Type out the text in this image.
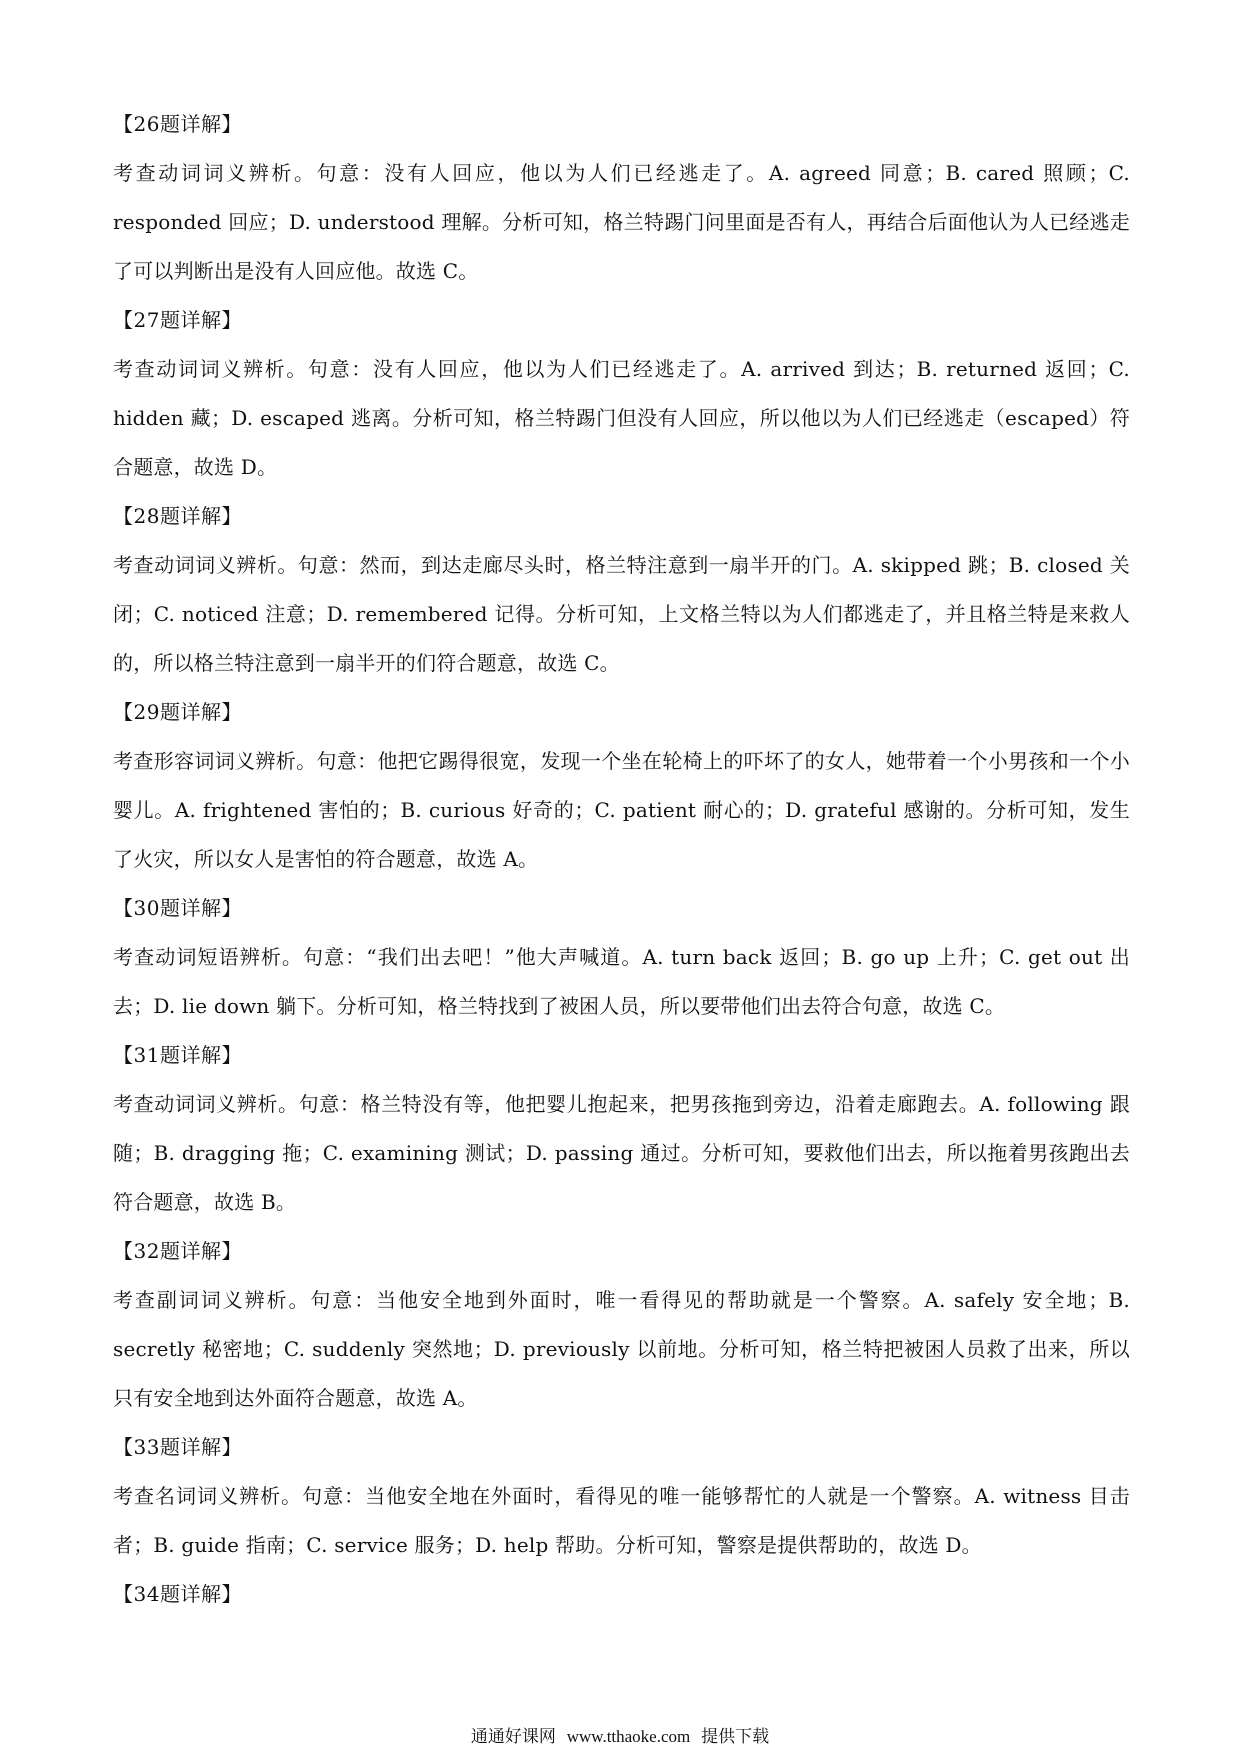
【26题详解】

考查动词词义辨析。句意：没有人回应，他以为人们已经逃走了。A. agreed 同意；B. cared 照顾；C. responded 回应；D. understood 理解。分析可知，格兰特踢门问里面是否有人，再结合后面他认为人已经逃走了可以判断出是没有人回应他。故选 C。

【27题详解】

考查动词词义辨析。句意：没有人回应，他以为人们已经逃走了。A. arrived 到达；B. returned 返回；C. hidden 藏；D. escaped 逃离。分析可知，格兰特踢门但没有人回应，所以他以为人们已经逃走（escaped）符合题意，故选 D。

【28题详解】

考查动词词义辨析。句意：然而，到达走廊尽头时，格兰特注意到一扇半开的门。A. skipped 跳；B. closed 关闭；C. noticed 注意；D. remembered 记得。分析可知，上文格兰特以为人们都逃走了，并且格兰特是来救人的，所以格兰特注意到一扇半开的们符合题意，故选 C。

【29题详解】

考查形容词词义辨析。句意：他把它踢得很宽，发现一个坐在轮椅上的吓坏了的女人，她带着一个小男孩和一个小婴儿。A. frightened 害怕的；B. curious 好奇的；C. patient 耐心的；D. grateful 感谢的。分析可知，发生了火灾，所以女人是害怕的符合题意，故选 A。

【30题详解】

考查动词短语辨析。句意：“我们出去吧！”他大声喊道。A. turn back 返回；B. go up 上升；C. get out 出去；D. lie down 躺下。分析可知，格兰特找到了被困人员，所以要带他们出去符合句意，故选 C。

【31题详解】

考查动词词义辨析。句意：格兰特没有等，他把婴儿抱起来，把男孩拖到旁边，沿着走廊跑去。A. following 跟随；B. dragging 拖；C. examining 测试；D. passing 通过。分析可知，要救他们出去，所以拖着男孩跑出去符合题意，故选 B。

【32题详解】

考查副词词义辨析。句意：当他安全地到外面时，唯一看得见的帮助就是一个警察。A. safely 安全地；B. secretly 秘密地；C. suddenly 突然地；D. previously 以前地。分析可知，格兰特把被困人员救了出来，所以只有安全地到达外面符合题意，故选 A。

【33题详解】

考查名词词义辨析。句意：当他安全地在外面时，看得见的唯一能够帮忙的人就是一个警察。A. witness 目击者；B. guide 指南；C. service 服务；D. help 帮助。分析可知，警察是提供帮助的，故选 D。

【34题详解】

通通好课网 www.tthaoke.com 提供下载
